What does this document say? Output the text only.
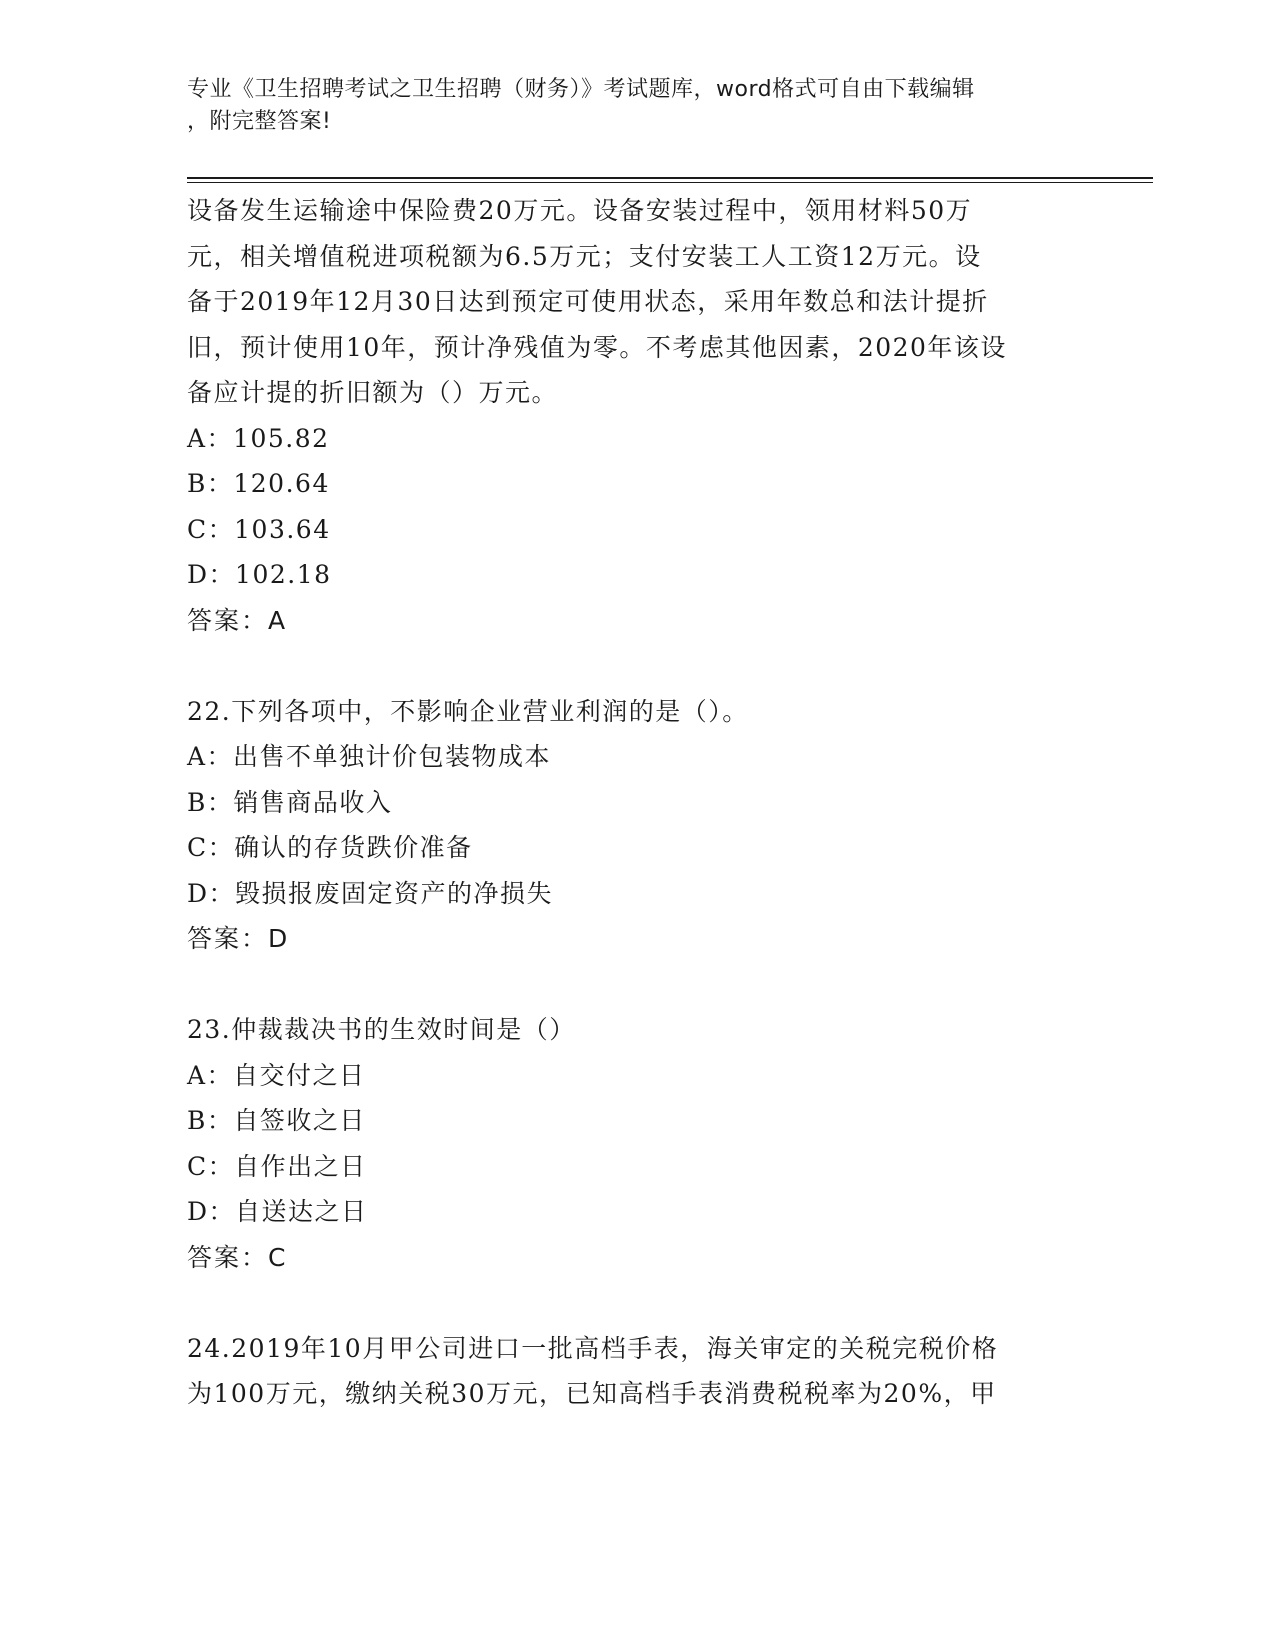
专业《卫生招聘考试之卫生招聘（财务）》考试题库，word格式可自由下载编辑
，附完整答案!
设备发生运输途中保险费20万元。设备安装过程中，领用材料50万
元，相关增值税进项税额为6.5万元；支付安装工人工资12万元。设
备于2019年12月30日达到预定可使用状态，采用年数总和法计提折
旧，预计使用10年，预计净残值为零。不考虑其他因素，2020年该设
备应计提的折旧额为（）万元。
A：105.82
B：120.64
C：103.64
D：102.18
答案：A
22.下列各项中，不影响企业营业利润的是（）。
A：出售不单独计价包装物成本
B：销售商品收入
C：确认的存货跌价准备
D：毁损报废固定资产的净损失
答案：D
23.仲裁裁决书的生效时间是（）
A：自交付之日
B：自签收之日
C：自作出之日
D：自送达之日
答案：C
24.2019年10月甲公司进口一批高档手表，海关审定的关税完税价格
为100万元，缴纳关税30万元，已知高档手表消费税税率为20%，甲
